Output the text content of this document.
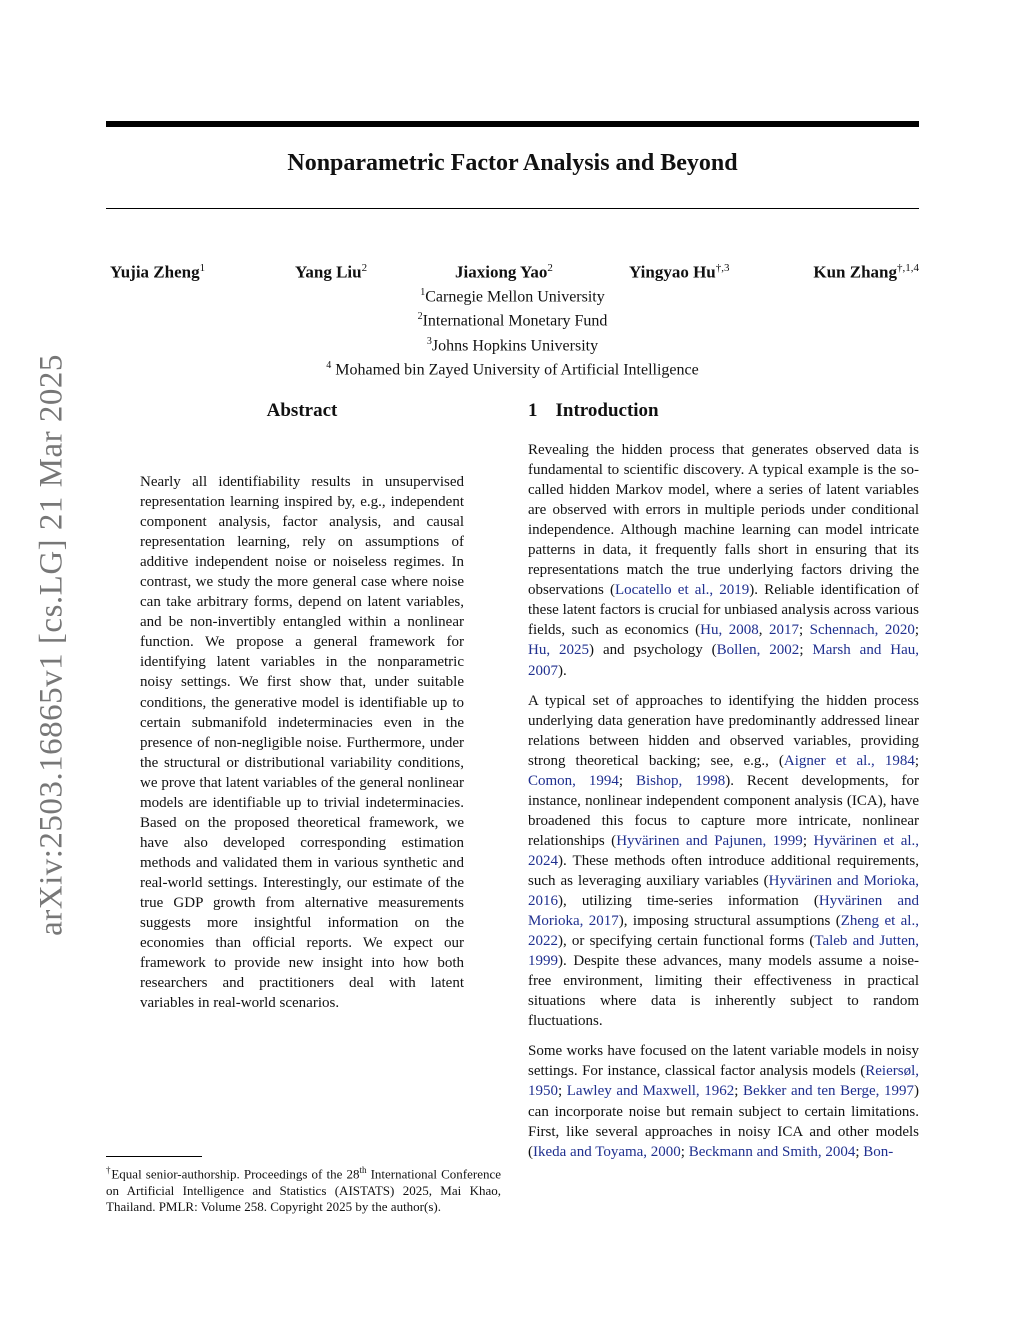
arXiv:2503.16865v1 [cs.LG] 21 Mar 2025
Nonparametric Factor Analysis and Beyond
Yujia Zheng$^1$	Yang Liu$^2$	Jiaxiong Yao$^2$	Yingyao $Hu^{\dagger,3}$	Kun Zhang$^{\dagger,1,4}$
$^1$Carnegie Mellon University
$^2$International Monetary Fund
$^3$Johns Hopkins University
$^4$ Mohamed bin Zayed University of Artificial Intelligence
Abstract
Nearly all identifiability results in unsupervised representation learning inspired by, e.g., independent component analysis, factor analysis, and causal representation learning, rely on assumptions of additive independent noise or noiseless regimes. In contrast, we study the more general case where noise can take arbitrary forms, depend on latent variables, and be non-invertibly entangled within a nonlinear function. We propose a general framework for identifying latent variables in the nonparametric noisy settings. We first show that, under suitable conditions, the generative model is identifiable up to certain submanifold indeterminacies even in the presence of non-negligible noise. Furthermore, under the structural or distributional variability conditions, we prove that latent variables of the general nonlinear models are identifiable up to trivial indeterminacies. Based on the proposed theoretical framework, we have also developed corresponding estimation methods and validated them in various synthetic and real-world settings. Interestingly, our estimate of the true GDP growth from alternative measurements suggests more insightful information on the economies than official reports. We expect our framework to provide new insight into how both researchers and practitioners deal with latent variables in real-world scenarios.
†Equal senior-authorship. Proceedings of the 28th International Conference on Artificial Intelligence and Statistics (AISTATS) 2025, Mai Khao, Thailand. PMLR: Volume 258. Copyright 2025 by the author(s).
1 Introduction

Revealing the hidden process that generates observed data is fundamental to scientific discovery. A typical example is the so-called hidden Markov model, where a series of latent variables are observed with errors in multiple periods under conditional independence. Although machine learning can model intricate patterns in data, it frequently falls short in ensuring that its representations match the true underlying factors driving the observations (Locatello et al., 2019). Reliable identification of these latent factors is crucial for unbiased analysis across various fields, such as economics (Hu, 2008, 2017; Schennach, 2020; Hu, 2025) and psychology (Bollen, 2002; Marsh and Hau, 2007).

A typical set of approaches to identifying the hidden process underlying data generation have predominantly addressed linear relations between hidden and observed variables, providing strong theoretical backing; see, e.g., (Aigner et al., 1984; Comon, 1994; Bishop, 1998). Recent developments, for instance, nonlinear independent component analysis (ICA), have broadened this focus to capture more intricate, nonlinear relationships (Hyvärinen and Pajunen, 1999; Hyvärinen et al., 2024). These methods often introduce additional requirements, such as leveraging auxiliary variables (Hyvärinen and Morioka, 2016), utilizing time-series information (Hyvärinen and Morioka, 2017), imposing structural assumptions (Zheng et al., 2022), or specifying certain functional forms (Taleb and Jutten, 1999). Despite these advances, many models assume a noise-free environment, limiting their effectiveness in practical situations where data is inherently subject to random fluctuations.

Some works have focused on the latent variable models in noisy settings. For instance, classical factor analysis models (Reiersøl, 1950; Lawley and Maxwell, 1962; Bekker and ten Berge, 1997) can incorporate noise but remain subject to certain limitations. First, like several approaches in noisy ICA and other models (Ikeda and Toyama, 2000; Beckmann and Smith, 2004; Bon-
